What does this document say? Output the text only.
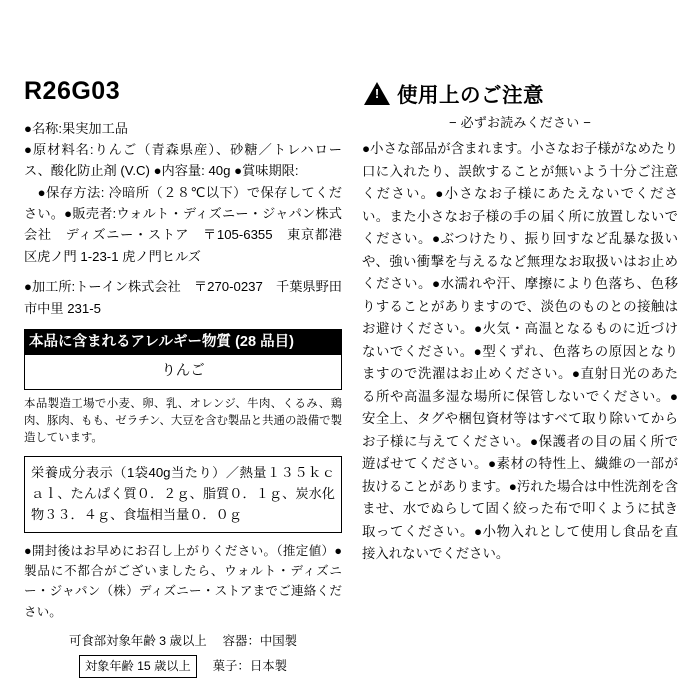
R26G03

●名称:果実加工品

●原材料名:りんご（青森県産）、砂糖／トレハロース、酸化防止剤 (V.C) ●内容量: 40g ●賞味期限:

　●保存方法: 冷暗所（２８℃以下）で保存してください。●販売者:ウォルト・ディズニー・ジャパン株式会社　ディズニー・ストア　〒105-6355　東京都港区虎ノ門 1-23-1 虎ノ門ヒルズ

●加工所:トーイン株式会社　〒270-0237　千葉県野田市中里 231-5

本品に含まれるアレルギー物質 (28 品目)
りんご
本品製造工場で小麦、卵、乳、オレンジ、牛肉、くるみ、鶏肉、豚肉、もも、ゼラチン、大豆を含む製品と共通の設備で製造しています。
栄養成分表示（1袋40g当たり）／熱量１３５ｋｃａｌ、たんぱく質０．２ｇ、脂質０．１ｇ、炭水化物３３．４ｇ、食塩相当量０．０ｇ
●開封後はお早めにお召し上がりください。（推定値）●製品に不都合がございましたら、ウォルト・ディズニー・ジャパン（株）ディズニー・ストアまでご連絡ください。
可食部対象年齢 3 歳以上 容器：中国製
対象年齢 15 歳以上	菓子：日本製
!
使用上のご注意
− 必ずお読みください −
●小さな部品が含まれます。小さなお子様がなめたり口に入れたり、誤飲することが無いよう十分ご注意ください。●小さなお子様にあたえないでください。また小さなお子様の手の届く所に放置しないでください。●ぶつけたり、振り回すなど乱暴な扱いや、強い衝撃を与えるなど無理なお取扱いはお止めください。●水濡れや汗、摩擦により色落ち、色移りすることがありますので、淡色のものとの接触はお避けください。●火気・高温となるものに近づけないでください。●型くずれ、色落ちの原因となりますので洗濯はお止めください。●直射日光のあたる所や高温多湿な場所に保管しないでください。●安全上、タグや梱包資材等はすべて取り除いてからお子様に与えてください。●保護者の目の届く所で遊ばせてください。●素材の特性上、繊維の一部が抜けることがあります。●汚れた場合は中性洗剤を含ませ、水でぬらして固く絞った布で叩くように拭き取ってください。●小物入れとして使用し食品を直接入れないでください。
